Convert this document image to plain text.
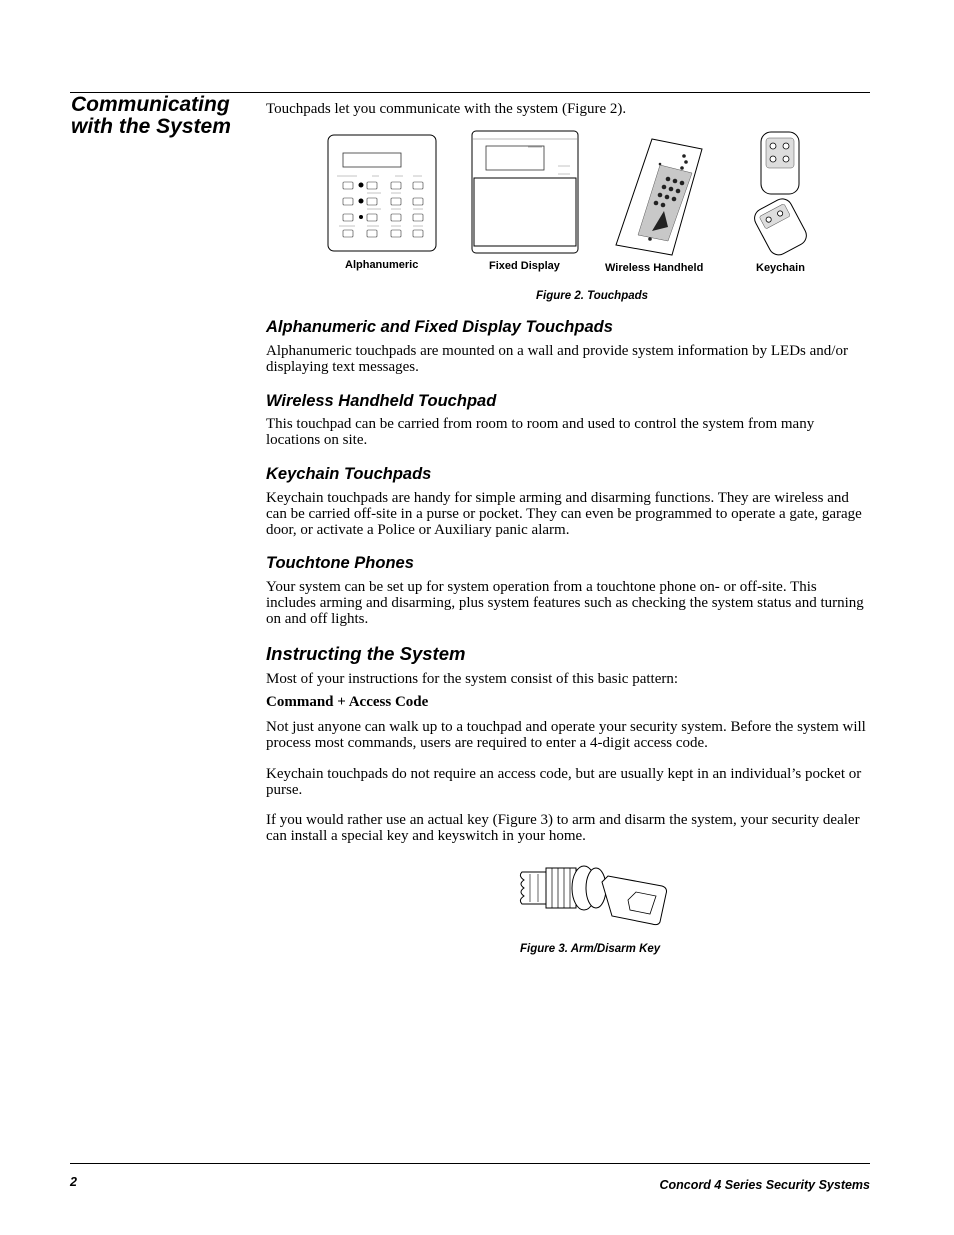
Communicating
with the System

Touchpads let you communicate with the system (Figure 2).

Alphanumeric	Fixed Display	Wireless Handheld	Keychain
Figure 2. Touchpads
Alphanumeric and Fixed Display Touchpads

Alphanumeric touchpads are mounted on a wall and provide system information by LEDs and/or displaying text messages.

Wireless Handheld Touchpad

This touchpad can be carried from room to room and used to control the system from many locations on site.

Keychain Touchpads

Keychain touchpads are handy for simple arming and disarming functions. They are wireless and can be carried off-site in a purse or pocket. They can even be programmed to operate a gate, garage door, or activate a Police or Auxiliary panic alarm.

Touchtone Phones

Your system can be set up for system operation from a touchtone phone on- or off-site. This includes arming and disarming, plus system features such as checking the system status and turning on and off lights.

Instructing the System

Most of your instructions for the system consist of this basic pattern:

Command + Access Code

Not just anyone can walk up to a touchpad and operate your security system. Before the system will process most commands, users are required to enter a 4-digit access code.

Keychain touchpads do not require an access code, but are usually kept in an individual’s pocket or purse.

If you would rather use an actual key (Figure 3) to arm and disarm the system, your security dealer can install a special key and keyswitch in your home.

Figure 3. Arm/Disarm Key
2	Concord 4 Series Security Systems
